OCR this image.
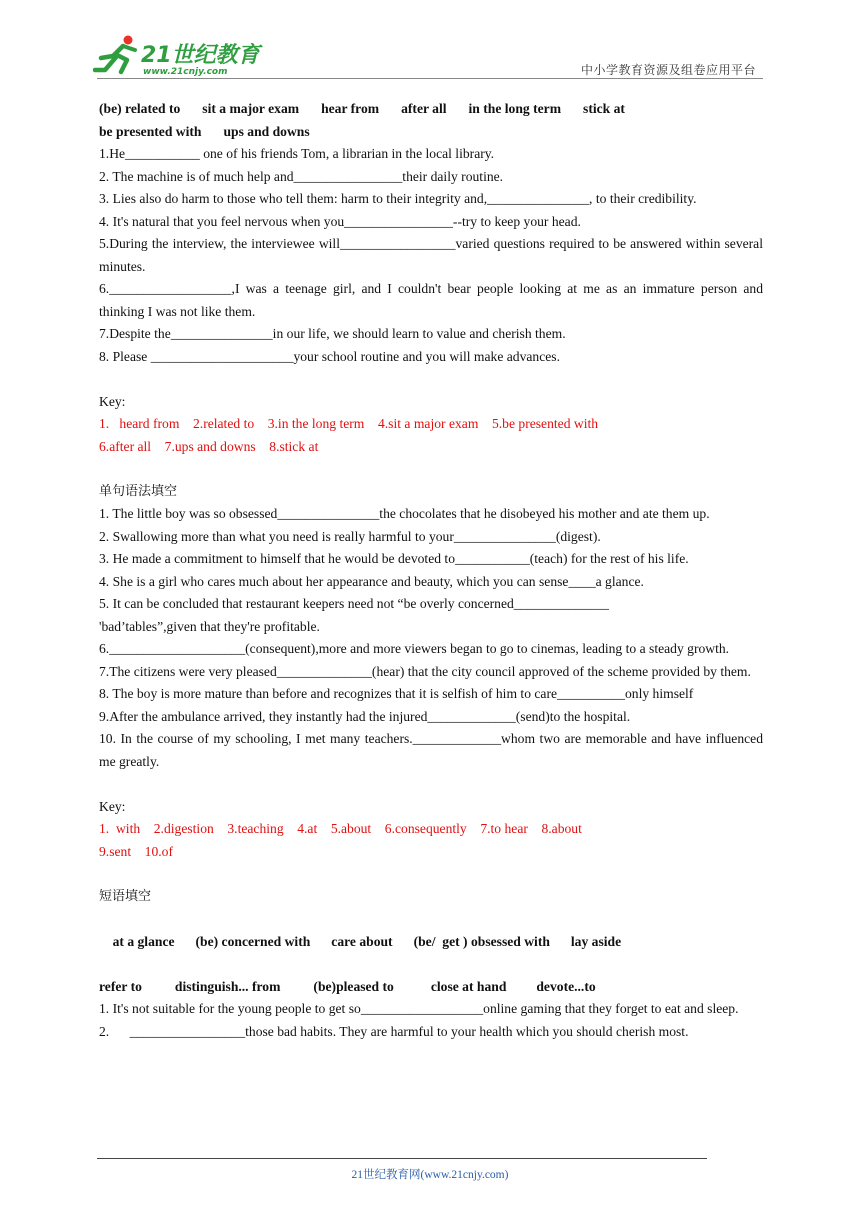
21世纪教育
www.21cnjy.com	中小学教育资源及组卷应用平台
(be) related to sit a major exam hear from after all in the long term stick at
be presented with ups and downs

1.He___________ one of his friends Tom, a librarian in the local library.

2. The machine is of much help and________________their daily routine.

3. Lies also do harm to those who tell them: harm to their integrity and,_______________, to their credibility.

4. It's natural that you feel nervous when you________________--try to keep your head.

5.During the interview, the interviewee will_________________varied questions required to be answered within several minutes.

6.__________________,I was a teenage girl, and I couldn't bear people looking at me as an immature person and thinking I was not like them.

7.Despite the_______________in our life, we should learn to value and cherish them.

8. Please _____________________your school routine and you will make advances.

Key:

1.   heard from    2.related to    3.in the long term    4.sit a major exam    5.be presented with

6.after all    7.ups and downs    8.stick at

单句语法填空

1. The little boy was so obsessed_______________the chocolates that he disobeyed his mother and ate them up.

2. Swallowing more than what you need is really harmful to your_______________(digest).

3. He made a commitment to himself that he would be devoted to___________(teach) for the rest of his life.

4. She is a girl who cares much about her appearance and beauty, which you can sense____a glance.

5. It can be concluded that restaurant keepers need not “be overly concerned______________

'bad’tables”,given that they're profitable.

6.____________________(consequent),more and more viewers began to go to cinemas, leading to a steady growth.

7.The citizens were very pleased______________(hear) that the city council approved of the scheme provided by them.

8. The boy is more mature than before and recognizes that it is selfish of him to care__________only himself

9.After the ambulance arrived, they instantly had the injured_____________(send)to the hospital.

10. In the course of my schooling, I met many teachers._____________whom two are memorable and have influenced me greatly.

Key:

1.  with    2.digestion    3.teaching    4.at    5.about    6.consequently    7.to hear    8.about

9.sent    10.of

短语填空

at a glance (be) concerned with care about (be/  get ) obsessed with lay aside

refer to distinguish... from (be)pleased to	close at hand devote...to

1. It's not suitable for the young people to get so__________________online gaming that they forget to eat and sleep.

2.      _________________those bad habits. They are harmful to your health which you should cherish most.

21世纪教育网(www.21cnjy.com)
